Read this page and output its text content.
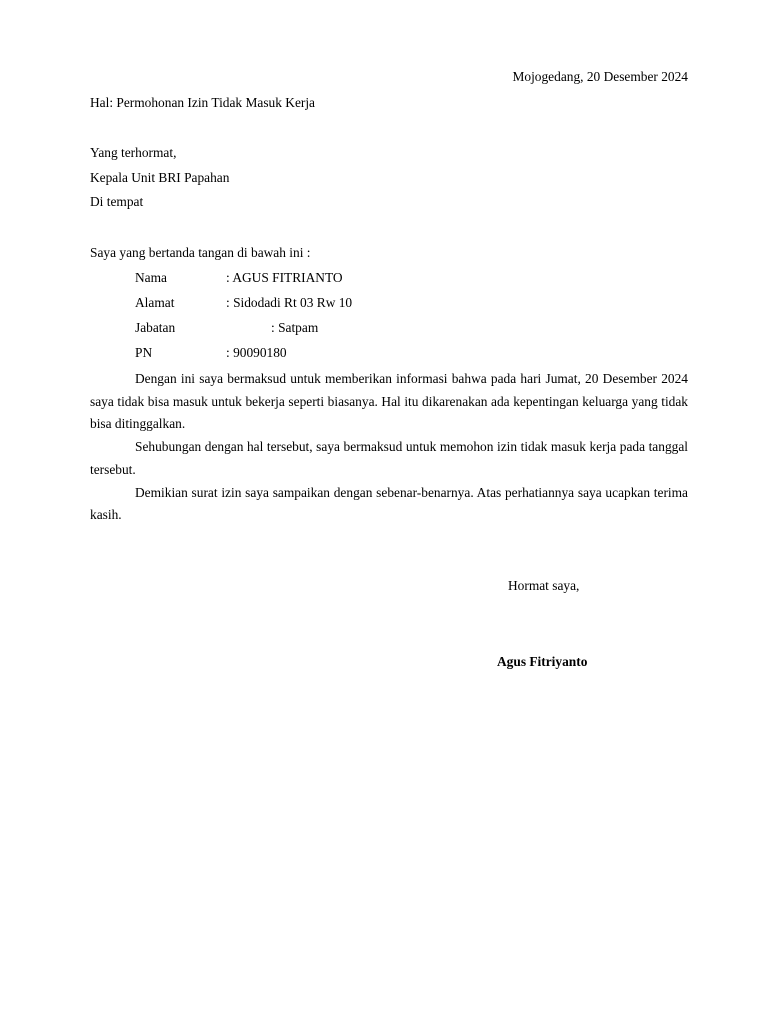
Mojogedang, 20 Desember 2024
Hal: Permohonan Izin Tidak Masuk Kerja
Yang terhormat,
Kepala Unit BRI Papahan
Di tempat
Saya yang bertanda tangan di bawah ini :
Nama	: AGUS FITRIANTO
Alamat	: Sidodadi Rt 03 Rw 10
Jabatan	: Satpam
PN	: 90090180

Dengan ini saya bermaksud untuk memberikan informasi bahwa pada hari Jumat, 20 Desember 2024 saya tidak bisa masuk untuk bekerja seperti biasanya. Hal itu dikarenakan ada kepentingan keluarga yang tidak bisa ditinggalkan.

Sehubungan dengan hal tersebut, saya bermaksud untuk memohon izin tidak masuk kerja pada tanggal tersebut.

Demikian surat izin saya sampaikan dengan sebenar-benarnya. Atas perhatiannya saya ucapkan terima kasih.

Hormat saya,
Agus Fitriyanto
